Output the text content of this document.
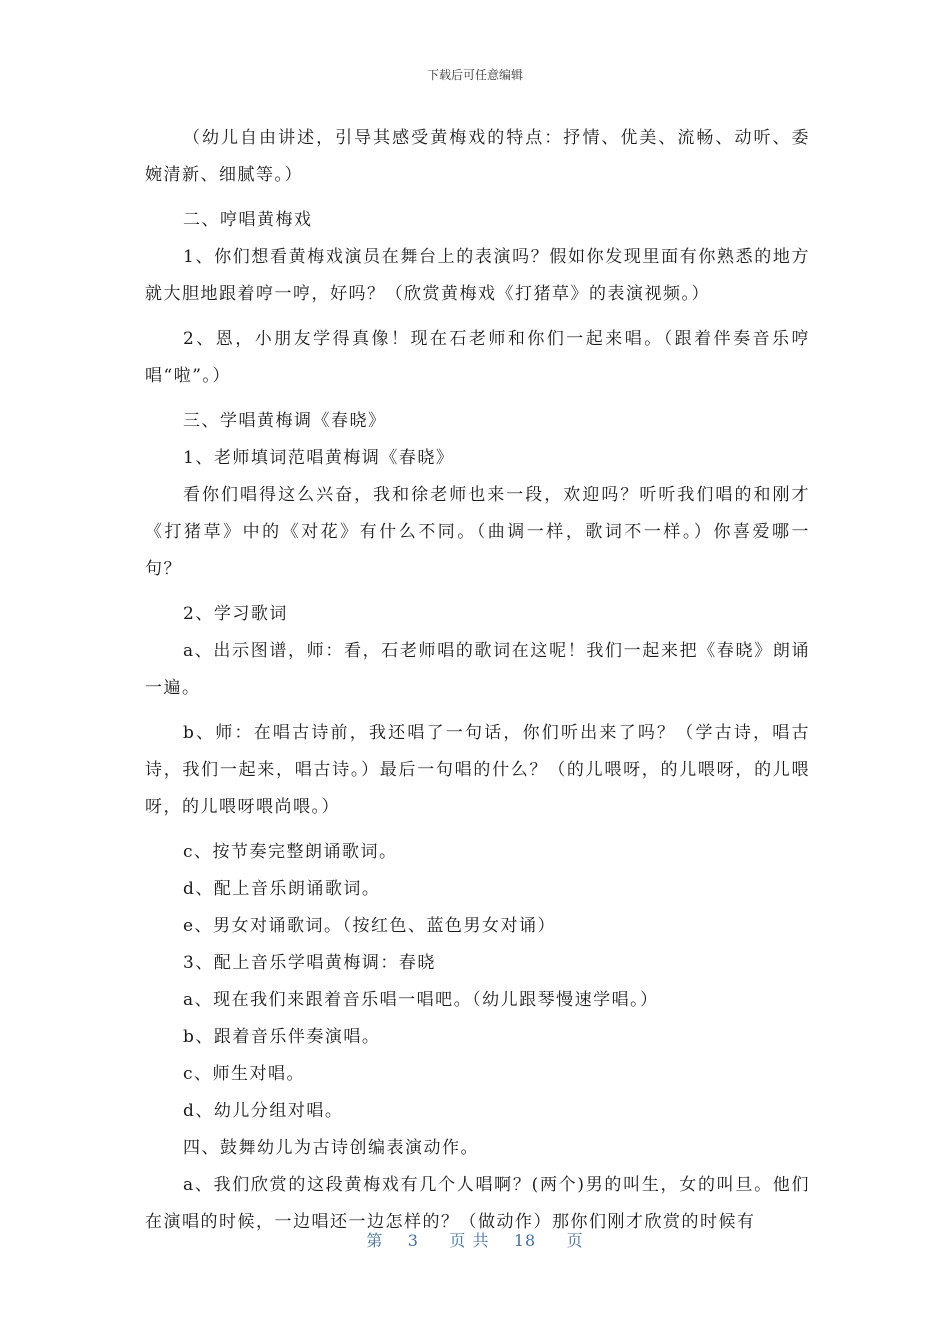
下载后可任意编辑

（幼儿自由讲述，引导其感受黄梅戏的特点：抒情、优美、流畅、动听、委婉清新、细腻等。）

二、哼唱黄梅戏

1、你们想看黄梅戏演员在舞台上的表演吗？假如你发现里面有你熟悉的地方就大胆地跟着哼一哼，好吗？（欣赏黄梅戏《打猪草》的表演视频。）

2、恩，小朋友学得真像！现在石老师和你们一起来唱。（跟着伴奏音乐哼唱“啦”。）

三、学唱黄梅调《春晓》

1、老师填词范唱黄梅调《春晓》

看你们唱得这么兴奋，我和徐老师也来一段，欢迎吗？听听我们唱的和刚才《打猪草》中的《对花》有什么不同。（曲调一样，歌词不一样。）你喜爱哪一句？

2、学习歌词

a、出示图谱，师：看，石老师唱的歌词在这呢！我们一起来把《春晓》朗诵一遍。

b、师：在唱古诗前，我还唱了一句话，你们听出来了吗？（学古诗，唱古诗，我们一起来，唱古诗。）最后一句唱的什么？（的儿喂呀，的儿喂呀，的儿喂呀，的儿喂呀喂尚喂。）

c、按节奏完整朗诵歌词。

d、配上音乐朗诵歌词。

e、男女对诵歌词。（按红色、蓝色男女对诵）

3、配上音乐学唱黄梅调：春晓

a、现在我们来跟着音乐唱一唱吧。（幼儿跟琴慢速学唱。）

b、跟着音乐伴奏演唱。

c、师生对唱。

d、幼儿分组对唱。

四、鼓舞幼儿为古诗创编表演动作。

a、我们欣赏的这段黄梅戏有几个人唱啊？(两个)男的叫生，女的叫旦。他们在演唱的时候，一边唱还一边怎样的？（做动作）那你们刚才欣赏的时候有

第 3 页 共 18 页
